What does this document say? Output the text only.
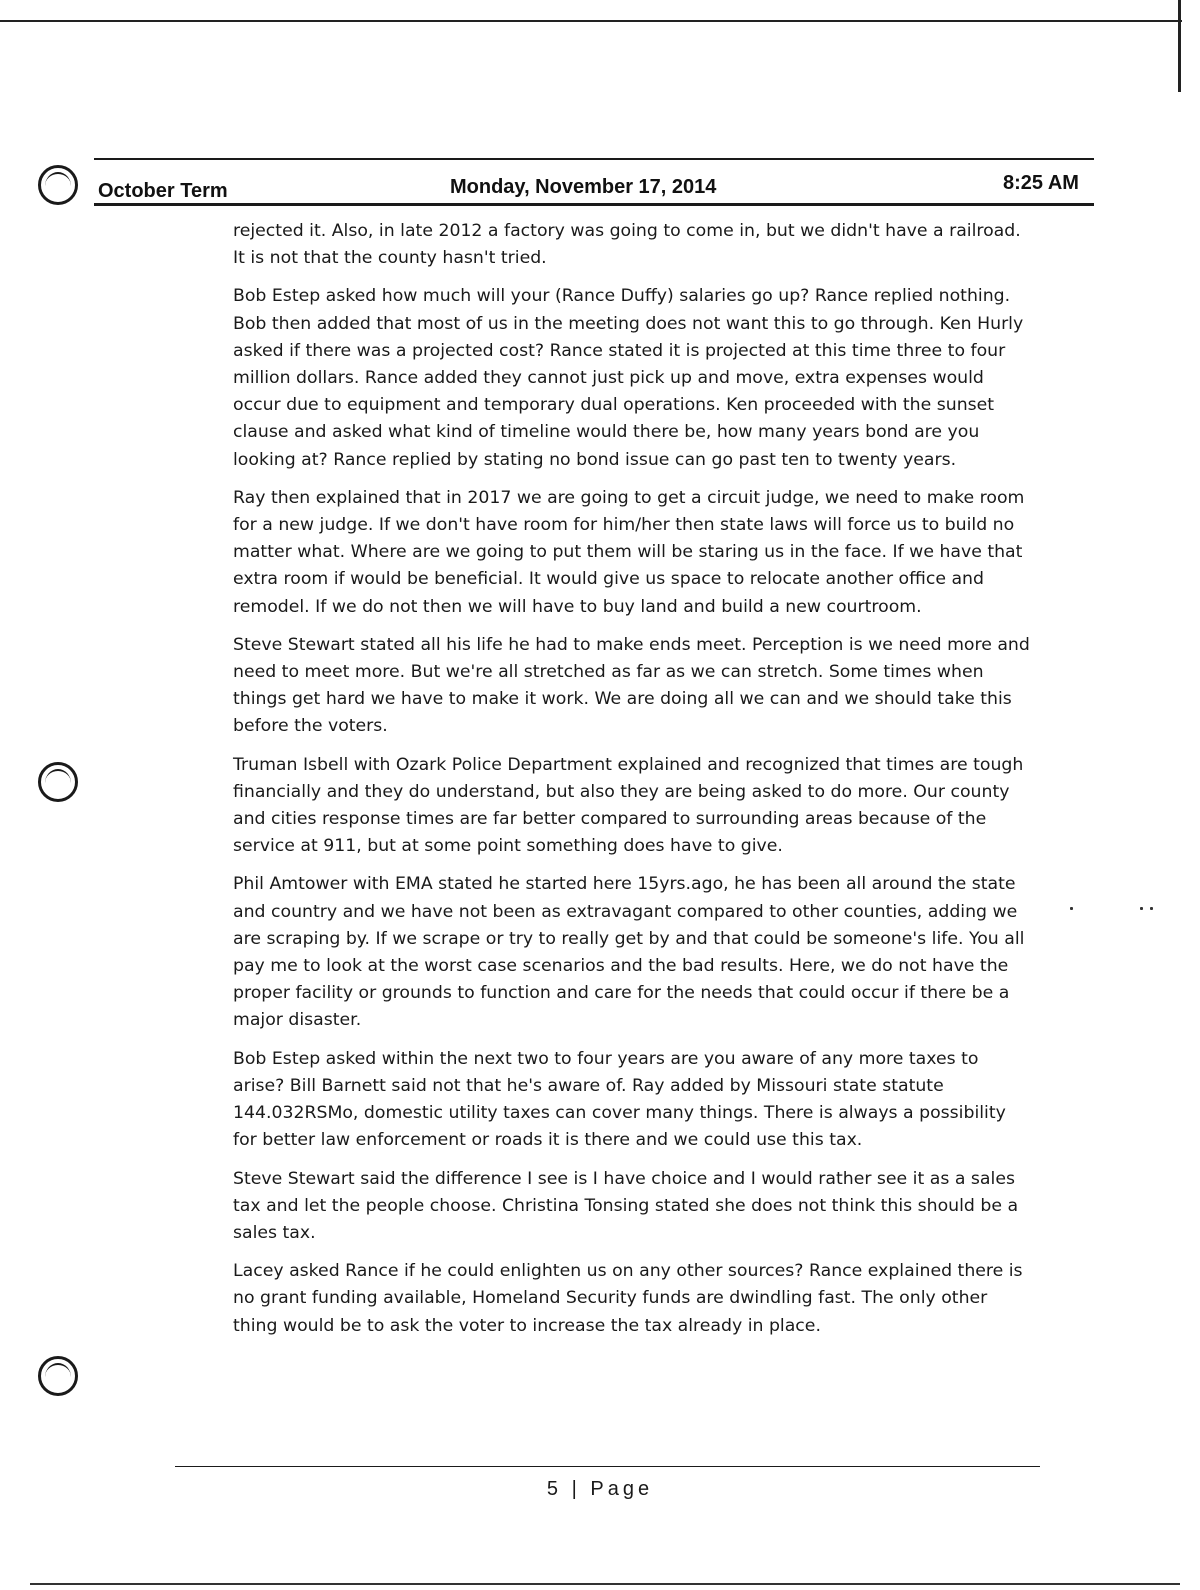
October Term	Monday, November 17, 2014	8:25 AM

rejected it. Also, in late 2012 a factory was going to come in, but we didn't have a railroad. It is not that the county hasn't tried.

Bob Estep asked how much will your (Rance Duffy) salaries go up? Rance replied nothing. Bob then added that most of us in the meeting does not want this to go through. Ken Hurly asked if there was a projected cost? Rance stated it is projected at this time three to four million dollars. Rance added they cannot just pick up and move, extra expenses would occur due to equipment and temporary dual operations. Ken proceeded with the sunset clause and asked what kind of timeline would there be, how many years bond are you looking at? Rance replied by stating no bond issue can go past ten to twenty years.

Ray then explained that in 2017 we are going to get a circuit judge, we need to make room for a new judge. If we don't have room for him/her then state laws will force us to build no matter what. Where are we going to put them will be staring us in the face. If we have that extra room if would be beneficial. It would give us space to relocate another office and remodel. If we do not then we will have to buy land and build a new courtroom.

Steve Stewart stated all his life he had to make ends meet. Perception is we need more and need to meet more. But we're all stretched as far as we can stretch. Some times when things get hard we have to make it work. We are doing all we can and we should take this before the voters.

Truman Isbell with Ozark Police Department explained and recognized that times are tough financially and they do understand, but also they are being asked to do more. Our county and cities response times are far better compared to surrounding areas because of the service at 911, but at some point something does have to give.

Phil Amtower with EMA stated he started here 15yrs.ago, he has been all around the state and country and we have not been as extravagant compared to other counties, adding we are scraping by. If we scrape or try to really get by and that could be someone's life. You all pay me to look at the worst case scenarios and the bad results. Here, we do not have the proper facility or grounds to function and care for the needs that could occur if there be a major disaster.

Bob Estep asked within the next two to four years are you aware of any more taxes to arise? Bill Barnett said not that he's aware of. Ray added by Missouri state statute 144.032RSMo, domestic utility taxes can cover many things. There is always a possibility for better law enforcement or roads it is there and we could use this tax.

Steve Stewart said the difference I see is I have choice and I would rather see it as a sales tax and let the people choose. Christina Tonsing stated she does not think this should be a sales tax.

Lacey asked Rance if he could enlighten us on any other sources? Rance explained there is no grant funding available, Homeland Security funds are dwindling fast. The only other thing would be to ask the voter to increase the tax already in place.

5 | Page
